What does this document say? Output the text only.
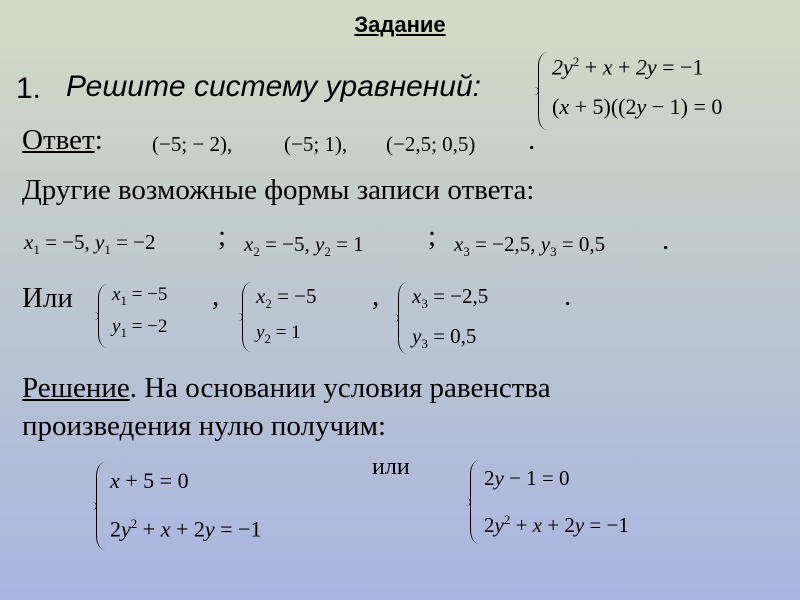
Задание
1. Решите систему уравнений:
$2y^2 + x + 2y = -1$
(x + 5)((2y − 1) = 0
Ответ: (−5; − 2), (−5; 1), (−2,5; 0,5) .
Другие возможные формы записи ответа:
$x_1 = -5$, $y_1 = -2$ ; $x_2 = -5$, $y_2 = 1$ ; $x_3 = -2,5$, $y_3 = 0,5$ .
Или $x_1 = -5$
$y_1 = -2$
, $x_2 = -5$
$y_2 = 1$
, $x_3 = -2,5$
$y_3 = 0,5$
.
Решение. На основании условия равенства
произведения нулю получим:
x + 5 = 0
$2y^2 + x + 2y = -1$
или	2y − 1 = 0
$2y^2 + x + 2y = -1$
